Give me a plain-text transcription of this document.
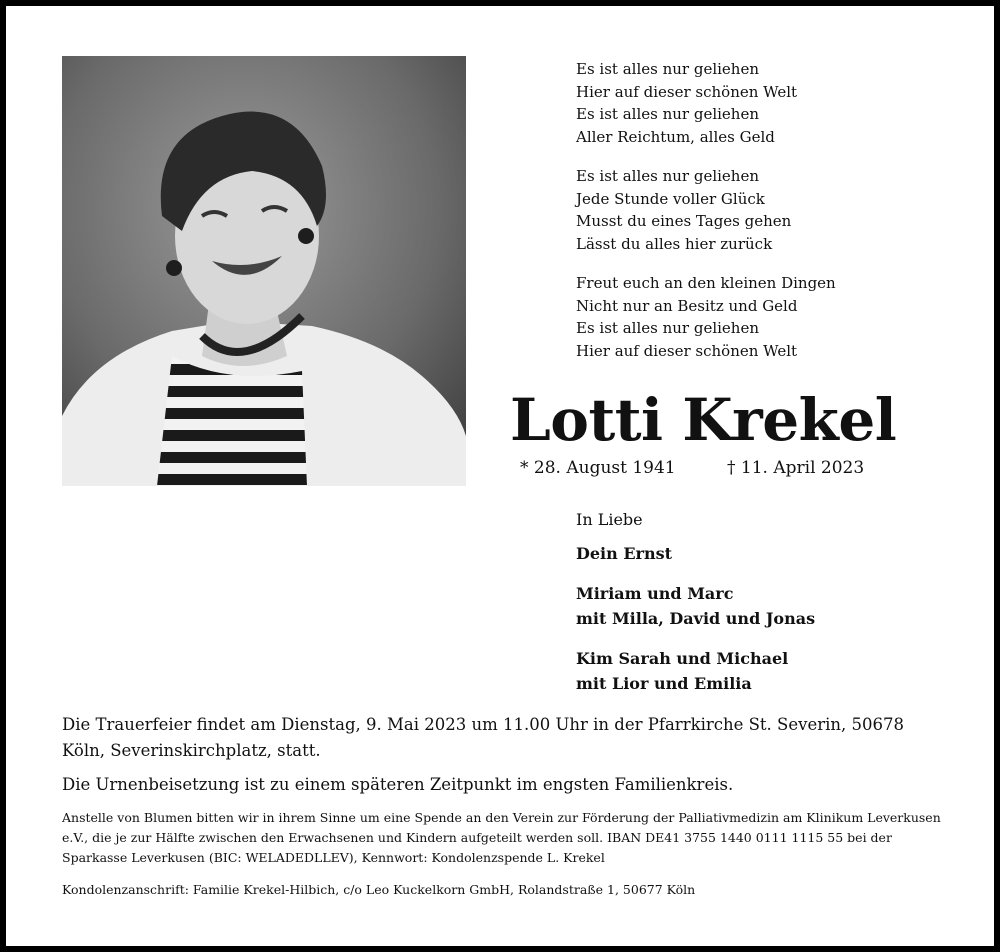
Es ist alles nur geliehen
Hier auf dieser schönen Welt
Es ist alles nur geliehen
Aller Reichtum, alles Geld
Es ist alles nur geliehen
Jede Stunde voller Glück
Musst du eines Tages gehen
Lässt du alles hier zurück
Freut euch an den kleinen Dingen
Nicht nur an Besitz und Geld
Es ist alles nur geliehen
Hier auf dieser schönen Welt
Lotti Krekel
* 28. August 1941	† 11. April 2023
In Liebe
Dein Ernst
Miriam und Marc
mit Milla, David und Jonas
Kim Sarah und Michael
mit Lior und Emilia
Die Trauerfeier findet am Dienstag, 9. Mai 2023 um 11.00 Uhr in der Pfarrkirche St. Severin, 50678 Köln, Severinskirchplatz, statt.
Die Urnenbeisetzung ist zu einem späteren Zeitpunkt im engsten Familienkreis.
Anstelle von Blumen bitten wir in ihrem Sinne um eine Spende an den Verein zur Förderung der Palliativmedizin am Klinikum Leverkusen e.V., die je zur Hälfte zwischen den Erwachsenen und Kindern aufgeteilt werden soll. IBAN DE41 3755 1440 0111 1115 55 bei der Sparkasse Leverkusen (BIC: WELADEDLLEV), Kennwort: Kondolenzspende L. Krekel
Kondolenzanschrift: Familie Krekel-Hilbich, c/o Leo Kuckelkorn GmbH, Rolandstraße 1, 50677 Köln
